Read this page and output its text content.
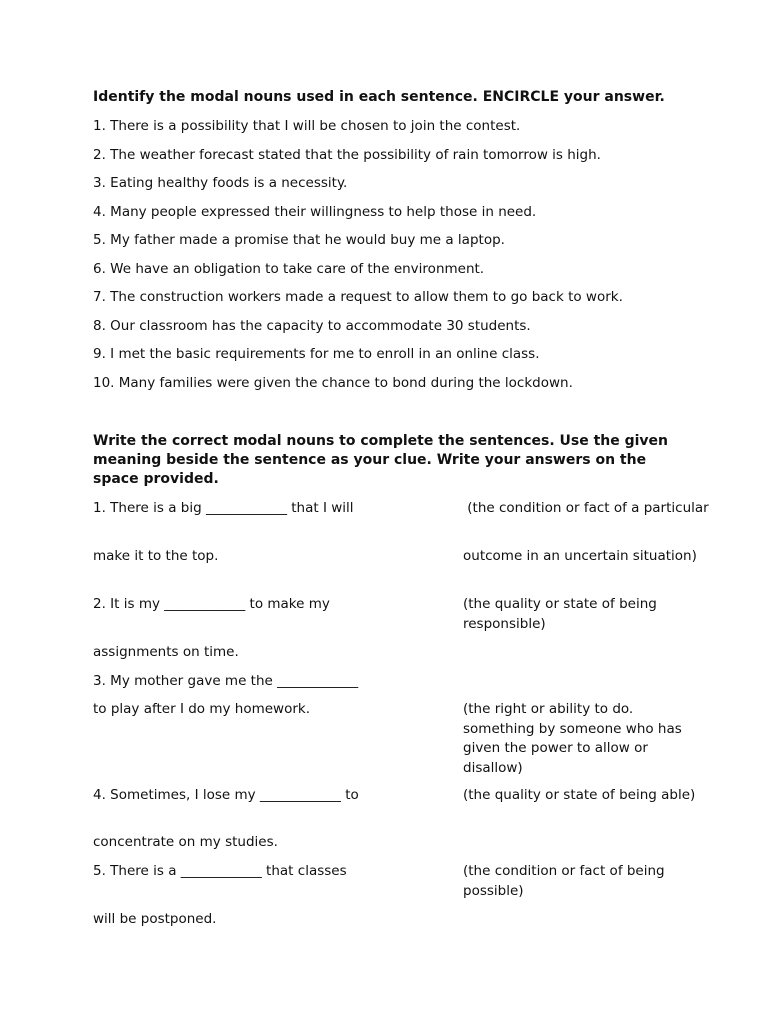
Identify the modal nouns used in each sentence. ENCIRCLE your answer.
1. There is a possibility that I will be chosen to join the contest.
2. The weather forecast stated that the possibility of rain tomorrow is high.
3. Eating healthy foods is a necessity.
4. Many people expressed their willingness to help those in need.
5. My father made a promise that he would buy me a laptop.
6. We have an obligation to take care of the environment.
7. The construction workers made a request to allow them to go back to work.
8. Our classroom has the capacity to accommodate 30 students.
9. I met the basic requirements for me to enroll in an online class.
10. Many families were given the chance to bond during the lockdown.
Write the correct modal nouns to complete the sentences. Use the given meaning beside the sentence as your clue. Write your answers on the space provided.
1. There is a big ____________ that I will	(the condition or fact of a particular
make it to the top.	outcome in an uncertain situation)
2. It is my ____________ to make my	(the quality or state of being responsible)
assignments on time.
3. My mother gave me the ____________
to play after I do my homework.	(the right or ability to do. something by someone who has given the power to allow or disallow)
4. Sometimes, I lose my ____________ to	(the quality or state of being able)
concentrate on my studies.
5. There is a ____________ that classes	(the condition or fact of being possible)
will be postponed.
